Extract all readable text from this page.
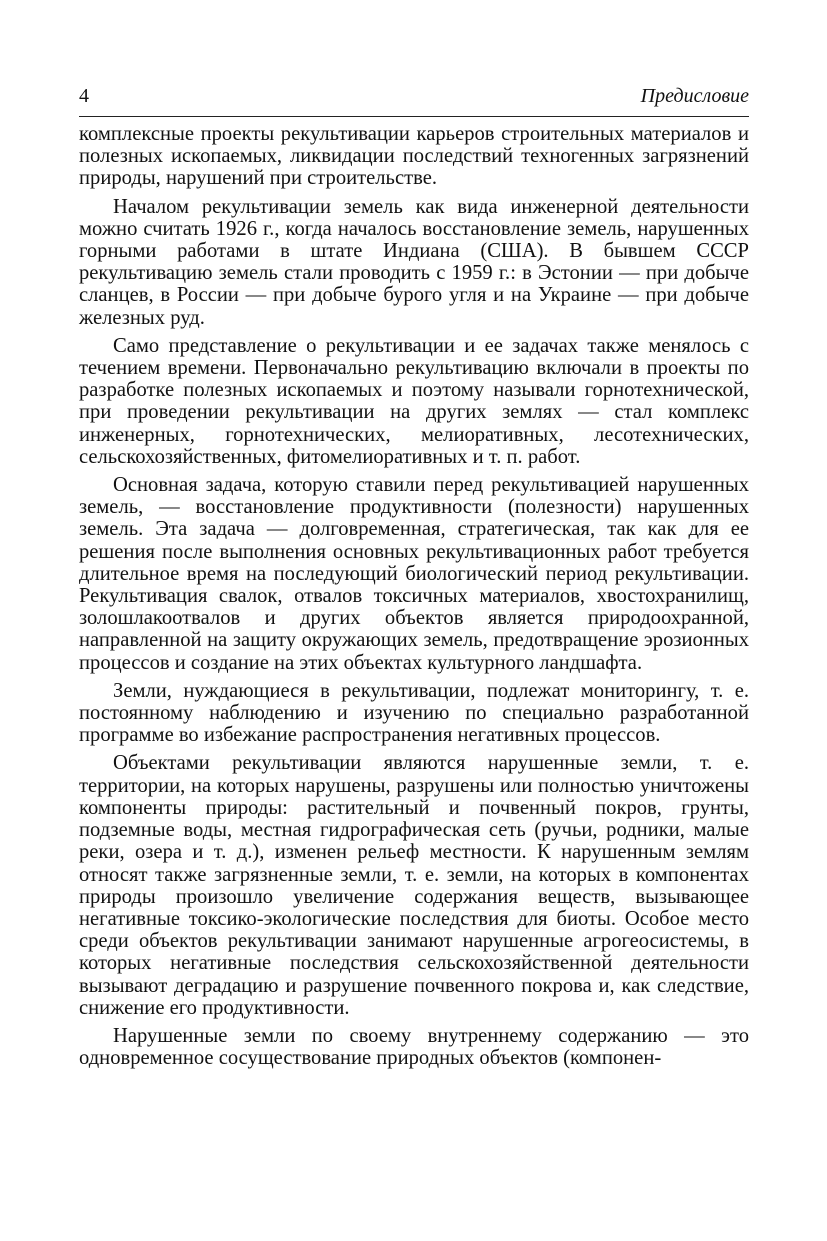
4	Предисловие

комплексные проекты рекультивации карьеров строительных материалов и полезных ископаемых, ликвидации последствий техногенных загрязнений природы, нарушений при строительстве.

Началом рекультивации земель как вида инженерной деятельности можно считать 1926 г., когда началось восстановление земель, нарушенных горными работами в штате Индиана (США). В бывшем СССР рекультивацию земель стали проводить с 1959 г.: в Эстонии — при добыче сланцев, в России — при добыче бурого угля и на Украине — при добыче железных руд.

Само представление о рекультивации и ее задачах также менялось с течением времени. Первоначально рекультивацию включали в проекты по разработке полезных ископаемых и поэтому называли горнотехнической, при проведении рекультивации на других землях — стал комплекс инженерных, горнотехнических, мелиоративных, лесотехнических, сельскохозяйственных, фитомелиоративных и т. п. работ.

Основная задача, которую ставили перед рекультивацией нарушенных земель, — восстановление продуктивности (полезности) нарушенных земель. Эта задача — долговременная, стратегическая, так как для ее решения после выполнения основных рекультивационных работ требуется длительное время на последующий биологический период рекультивации. Рекультивация свалок, отвалов токсичных материалов, хвостохранилищ, золошлакоотвалов и других объектов является природоохранной, направленной на защиту окружающих земель, предотвращение эрозионных процессов и создание на этих объектах культурного ландшафта.

Земли, нуждающиеся в рекультивации, подлежат мониторингу, т. е. постоянному наблюдению и изучению по специально разработанной программе во избежание распространения негативных процессов.

Объектами рекультивации являются нарушенные земли, т. е. территории, на которых нарушены, разрушены или полностью уничтожены компоненты природы: растительный и почвенный покров, грунты, подземные воды, местная гидрографическая сеть (ручьи, родники, малые реки, озера и т. д.), изменен рельеф местности. К нарушенным землям относят также загрязненные земли, т. е. земли, на которых в компонентах природы произошло увеличение содержания веществ, вызывающее негативные токсико-экологические последствия для биоты. Особое место среди объектов рекультивации занимают нарушенные агрогеосистемы, в которых негативные последствия сельскохозяйственной деятельности вызывают деградацию и разрушение почвенного покрова и, как следствие, снижение его продуктивности.

Нарушенные земли по своему внутреннему содержанию — это одновременное сосуществование природных объектов (компонен-
